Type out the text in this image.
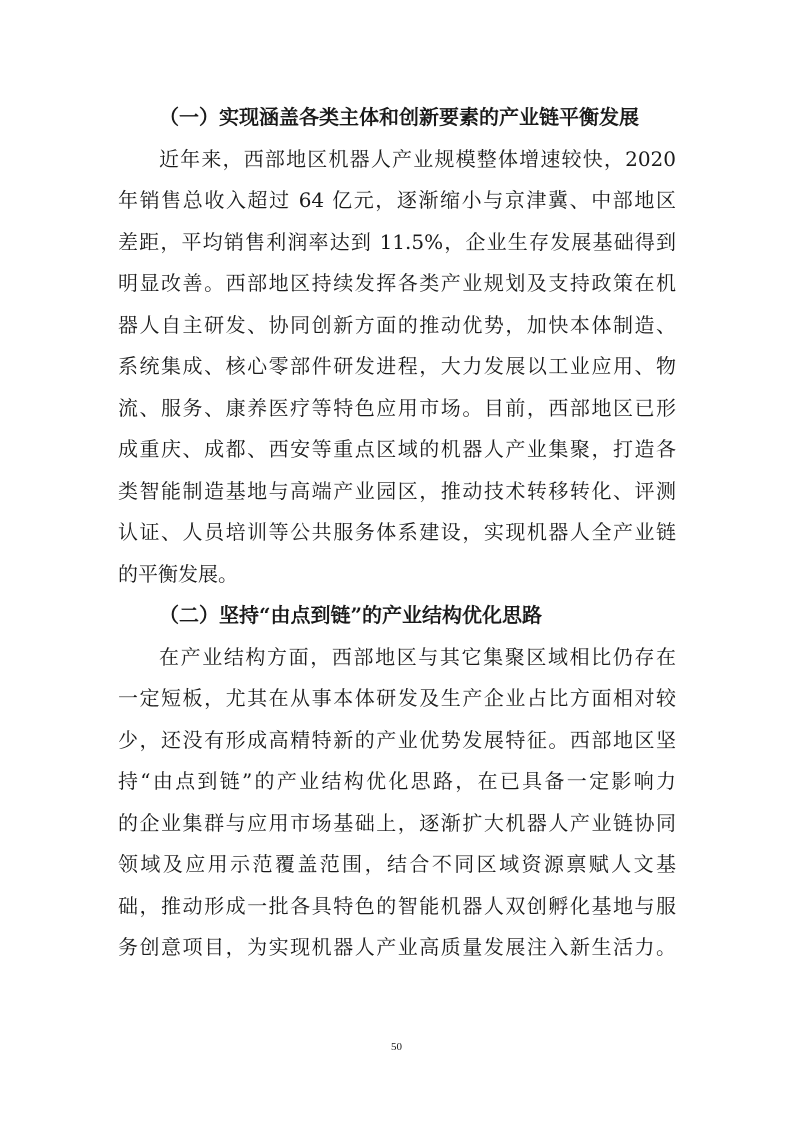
（一）实现涵盖各类主体和创新要素的产业链平衡发展
近年来，西部地区机器人产业规模整体增速较快，2020
年销售总收入超过 64 亿元，逐渐缩小与京津冀、中部地区
差距，平均销售利润率达到 11.5%，企业生存发展基础得到
明显改善。西部地区持续发挥各类产业规划及支持政策在机
器人自主研发、协同创新方面的推动优势，加快本体制造、
系统集成、核心零部件研发进程，大力发展以工业应用、物
流、服务、康养医疗等特色应用市场。目前，西部地区已形
成重庆、成都、西安等重点区域的机器人产业集聚，打造各
类智能制造基地与高端产业园区，推动技术转移转化、评测
认证、人员培训等公共服务体系建设，实现机器人全产业链
的平衡发展。
（二）坚持“由点到链”的产业结构优化思路
在产业结构方面，西部地区与其它集聚区域相比仍存在
一定短板，尤其在从事本体研发及生产企业占比方面相对较
少，还没有形成高精特新的产业优势发展特征。西部地区坚
持“由点到链”的产业结构优化思路，在已具备一定影响力
的企业集群与应用市场基础上，逐渐扩大机器人产业链协同
领域及应用示范覆盖范围，结合不同区域资源禀赋人文基
础，推动形成一批各具特色的智能机器人双创孵化基地与服
务创意项目，为实现机器人产业高质量发展注入新生活力。
50
